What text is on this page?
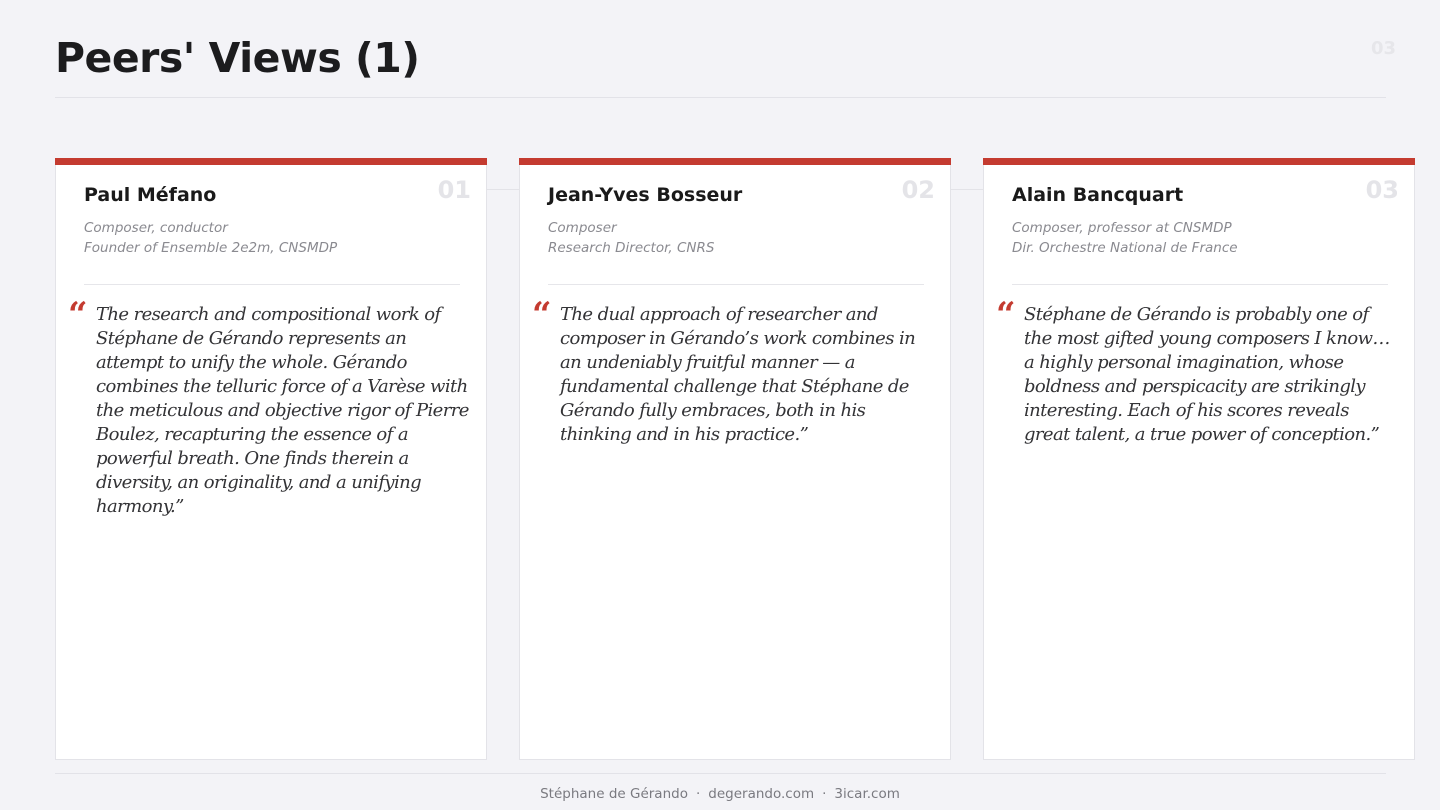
Peers' Views (1)	03
01
Paul Méfano
Composer, conductor
Founder of Ensemble 2e2m, CNSMDP
“ The research and compositional work of Stéphane de Gérando represents an attempt to unify the whole. Gérando combines the telluric force of a Varèse with the meticulous and objective rigor of Pierre Boulez, recapturing the essence of a powerful breath. One finds therein a diversity, an originality, and a unifying harmony.”

02
Jean-Yves Bosseur
Composer
Research Director, CNRS
“ The dual approach of researcher and composer in Gérando’s work combines in an undeniably fruitful manner — a fundamental challenge that Stéphane de Gérando fully embraces, both in his thinking and in his practice.”

03
Alain Bancquart
Composer, professor at CNSMDP
Dir. Orchestre National de France
“ Stéphane de Gérando is probably one of the most gifted young composers I know… a highly personal imagination, whose boldness and perspicacity are strikingly interesting. Each of his scores reveals great talent, a true power of conception.”

Stéphane de Gérando · degerando.com · 3icar.com
